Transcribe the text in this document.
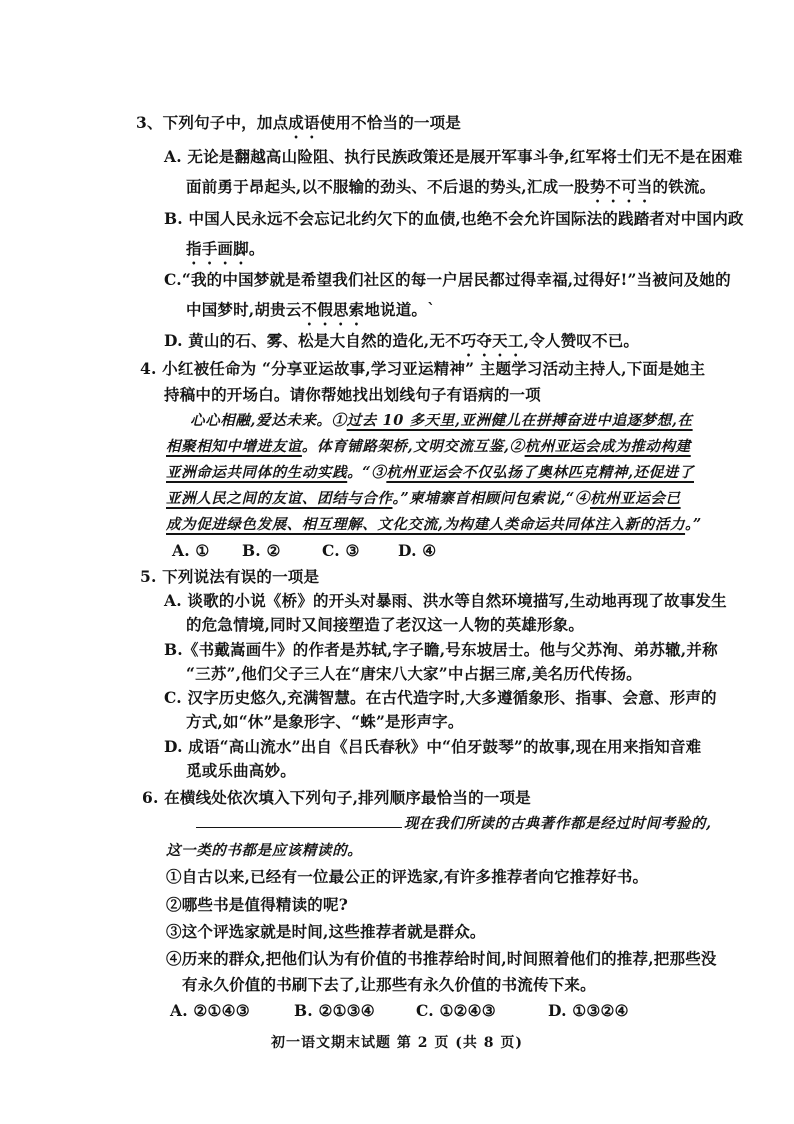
3、下列句子中，加点成语使用不恰当的一项是
A. 无论是翻越高山险阻、执行民族政策还是展开军事斗争,红军将士们无不是在困难
面前勇于昂起头,以不服输的劲头、不后退的势头,汇成一股势不可当的铁流。
B. 中国人民永远不会忘记北约欠下的血债,也绝不会允许国际法的践踏者对中国内政
指手画脚。
C.“我的中国梦就是希望我们社区的每一户居民都过得幸福,过得好!”当被问及她的
中国梦时,胡贵云不假思索地说道。`
D. 黄山的石、雾、松是大自然的造化,无不巧夺天工,令人赞叹不已。
4. 小红被任命为 “分享亚运故事,学习亚运精神” 主题学习活动主持人,下面是她主
持稿中的开场白。请你帮她找出划线句子有语病的一项
心心相融,爱达未来。①过去 10 多天里,亚洲健儿在拼搏奋进中追逐梦想,在
相聚相知中增进友谊。体育铺路架桥,文明交流互鉴,②杭州亚运会成为推动构建
亚洲命运共同体的生动实践。“③杭州亚运会不仅弘扬了奥林匹克精神,还促进了
亚洲人民之间的友谊、团结与合作。”柬埔寨首相顾问包索说,“④杭州亚运会已
成为促进绿色发展、相互理解、文化交流,为构建人类命运共同体注入新的活力。”
A. ① B. ②	C. ③ D. ④
5. 下列说法有误的一项是
A. 谈歌的小说《桥》的开头对暴雨、洪水等自然环境描写,生动地再现了故事发生
的危急情境,同时又间接塑造了老汉这一人物的英雄形象。
B.《书戴嵩画牛》的作者是苏轼,字子瞻,号东坡居士。他与父苏洵、弟苏辙,并称
“三苏”,他们父子三人在“唐宋八大家”中占据三席,美名历代传扬。
C. 汉字历史悠久,充满智慧。在古代造字时,大多遵循象形、指事、会意、形声的
方式,如“休”是象形字、“蛛”是形声字。
D. 成语“高山流水”出自《吕氏春秋》中“伯牙鼓琴”的故事,现在用来指知音难
觅或乐曲高妙。
6. 在横线处依次填入下列句子,排列顺序最恰当的一项是
现在我们所读的古典著作都是经过时间考验的,
这一类的书都是应该精读的。
①自古以来,已经有一位最公正的评选家,有许多推荐者向它推荐好书。
②哪些书是值得精读的呢?
③这个评选家就是时间,这些推荐者就是群众。
④历来的群众,把他们认为有价值的书推荐给时间,时间照着他们的推荐,把那些没
有永久价值的书刷下去了,让那些有永久价值的书流传下来。
A. ②①④③	B. ②①③④	C. ①②④③	D. ①③②④
初一语文期末试题 第 2 页 (共 8 页)
